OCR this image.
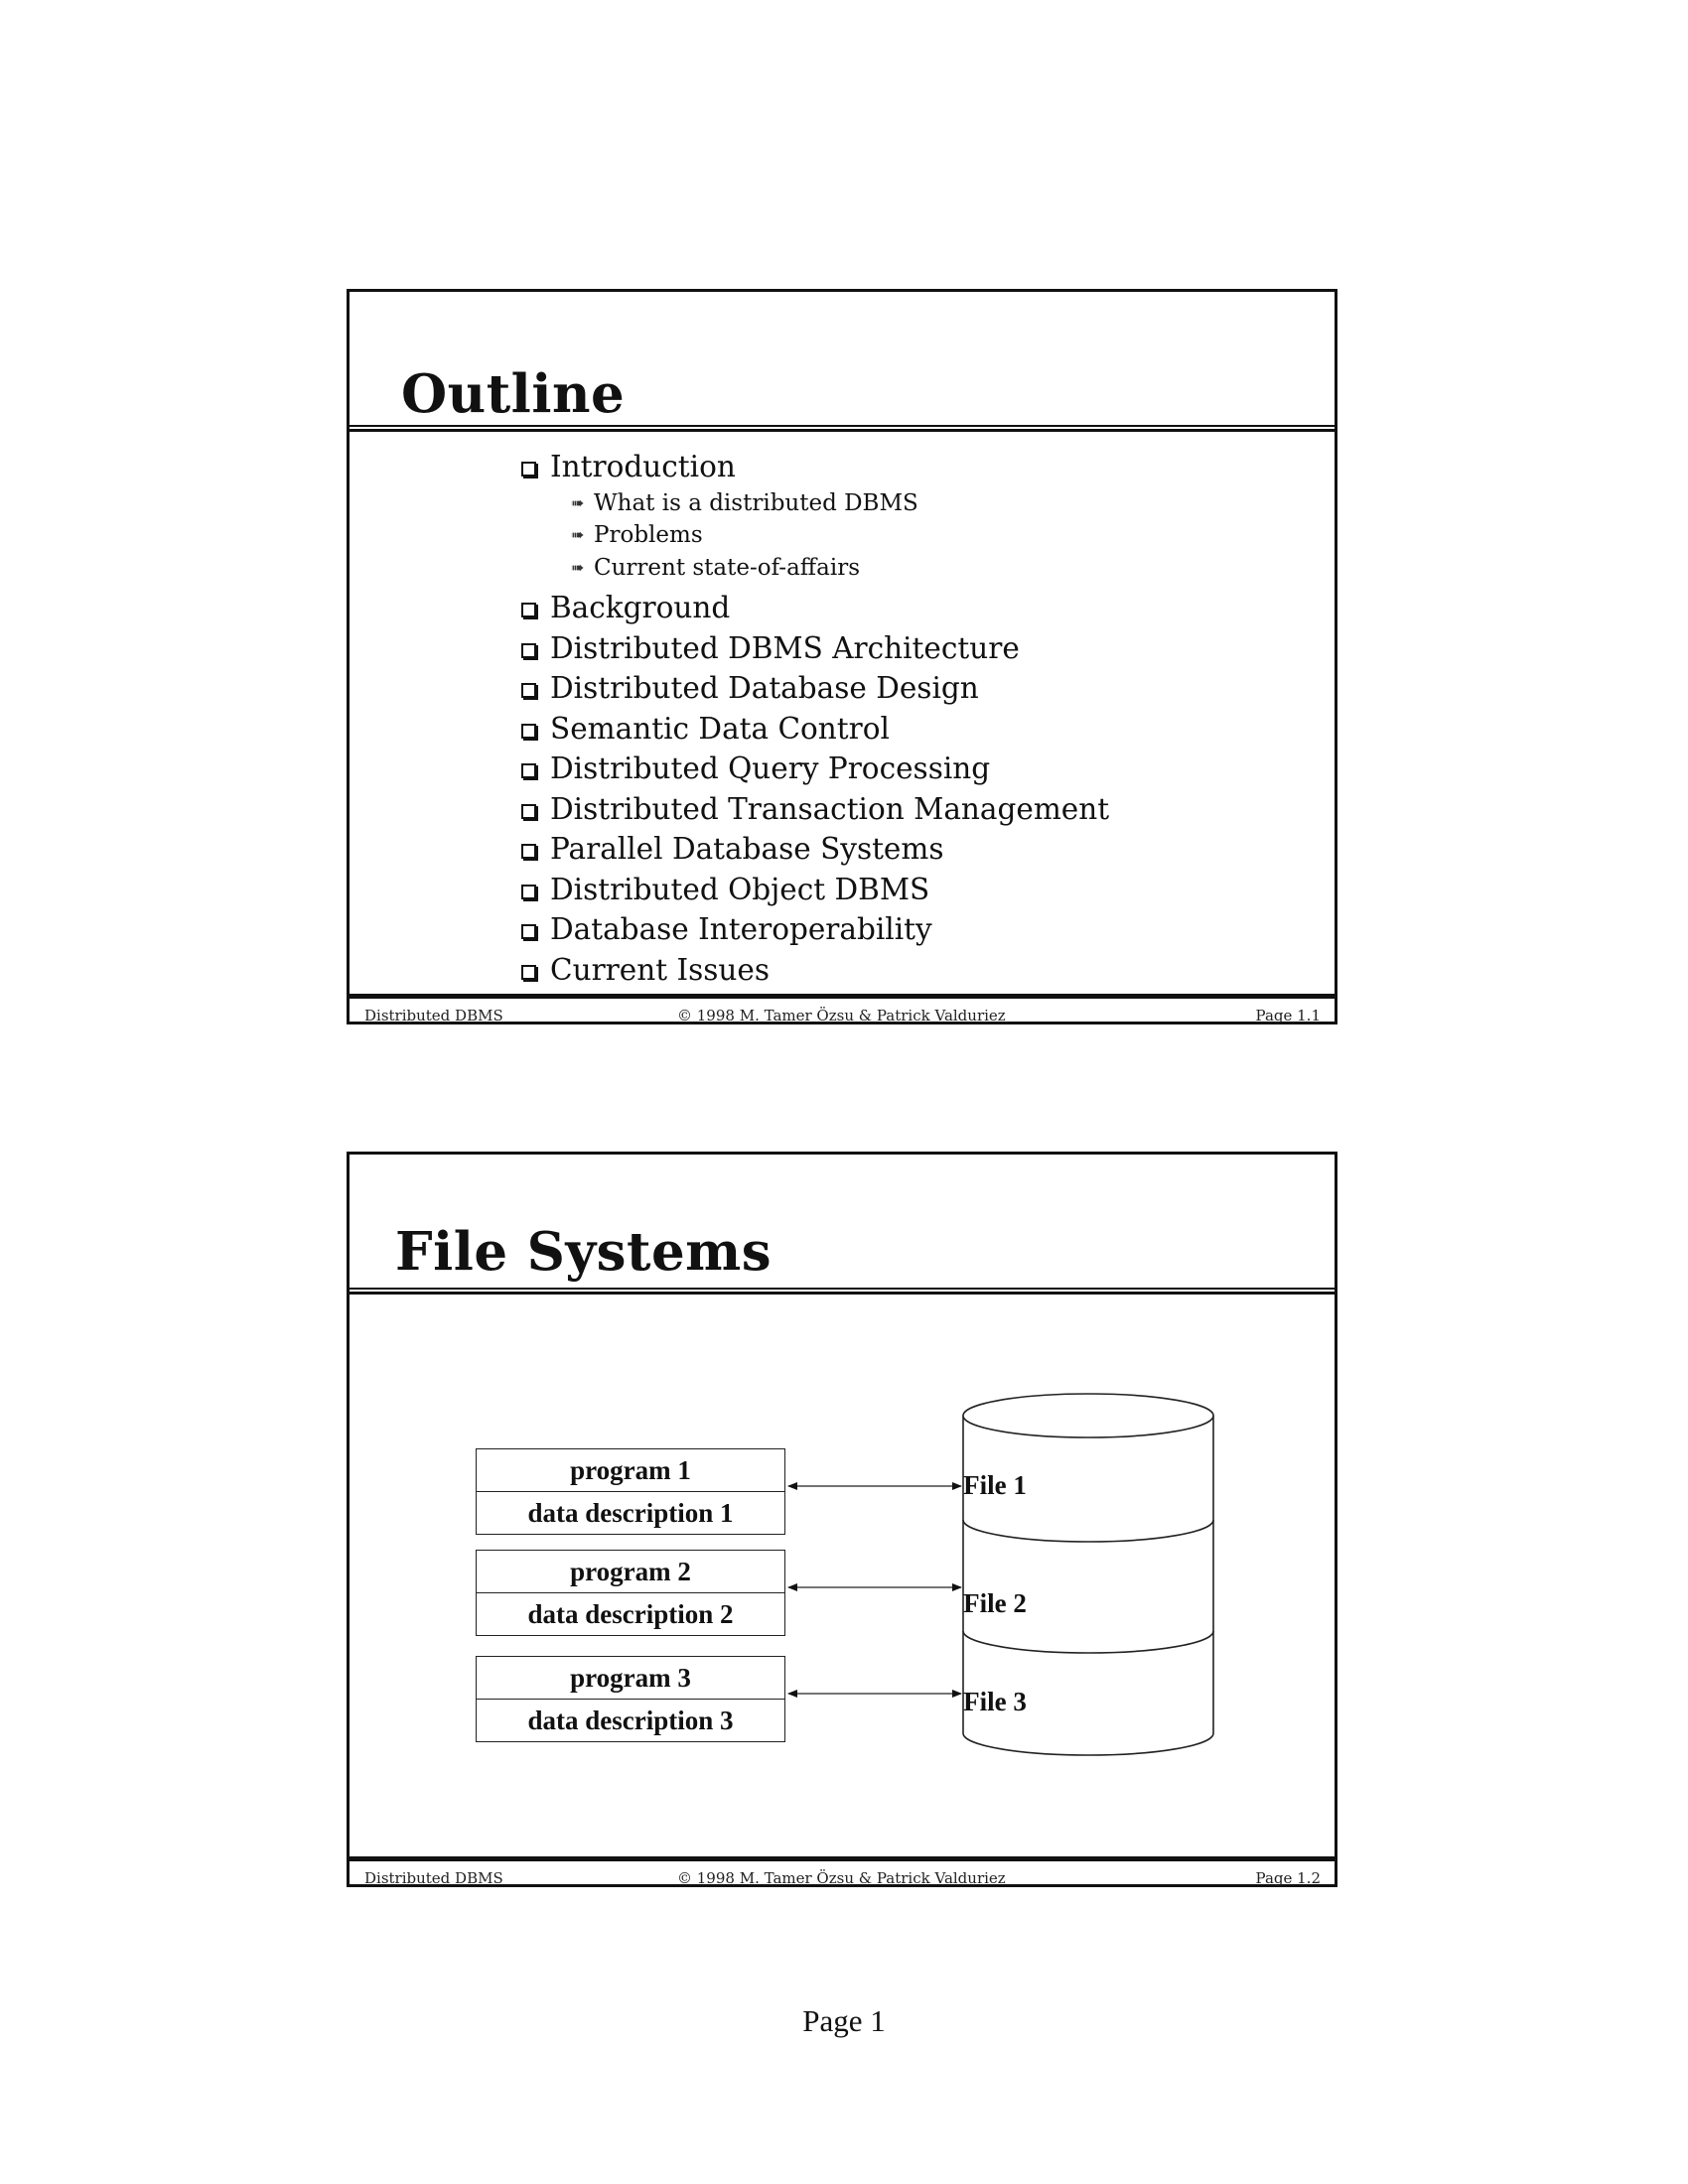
Outline
Introduction
➠ What is a distributed DBMS
➠ Problems
➠ Current state-of-affairs
Background
Distributed DBMS Architecture
Distributed Database Design
Semantic Data Control
Distributed Query Processing
Distributed Transaction Management
Parallel Database Systems
Distributed Object DBMS
Database Interoperability
Current Issues
Distributed DBMS	© 1998 M. Tamer Özsu & Patrick Valduriez	Page 1.1
File Systems
program 1
data description 1
program 2
data description 2
program 3
data description 3
File 1
File 2
File 3
Distributed DBMS	© 1998 M. Tamer Özsu & Patrick Valduriez	Page 1.2
Page 1
